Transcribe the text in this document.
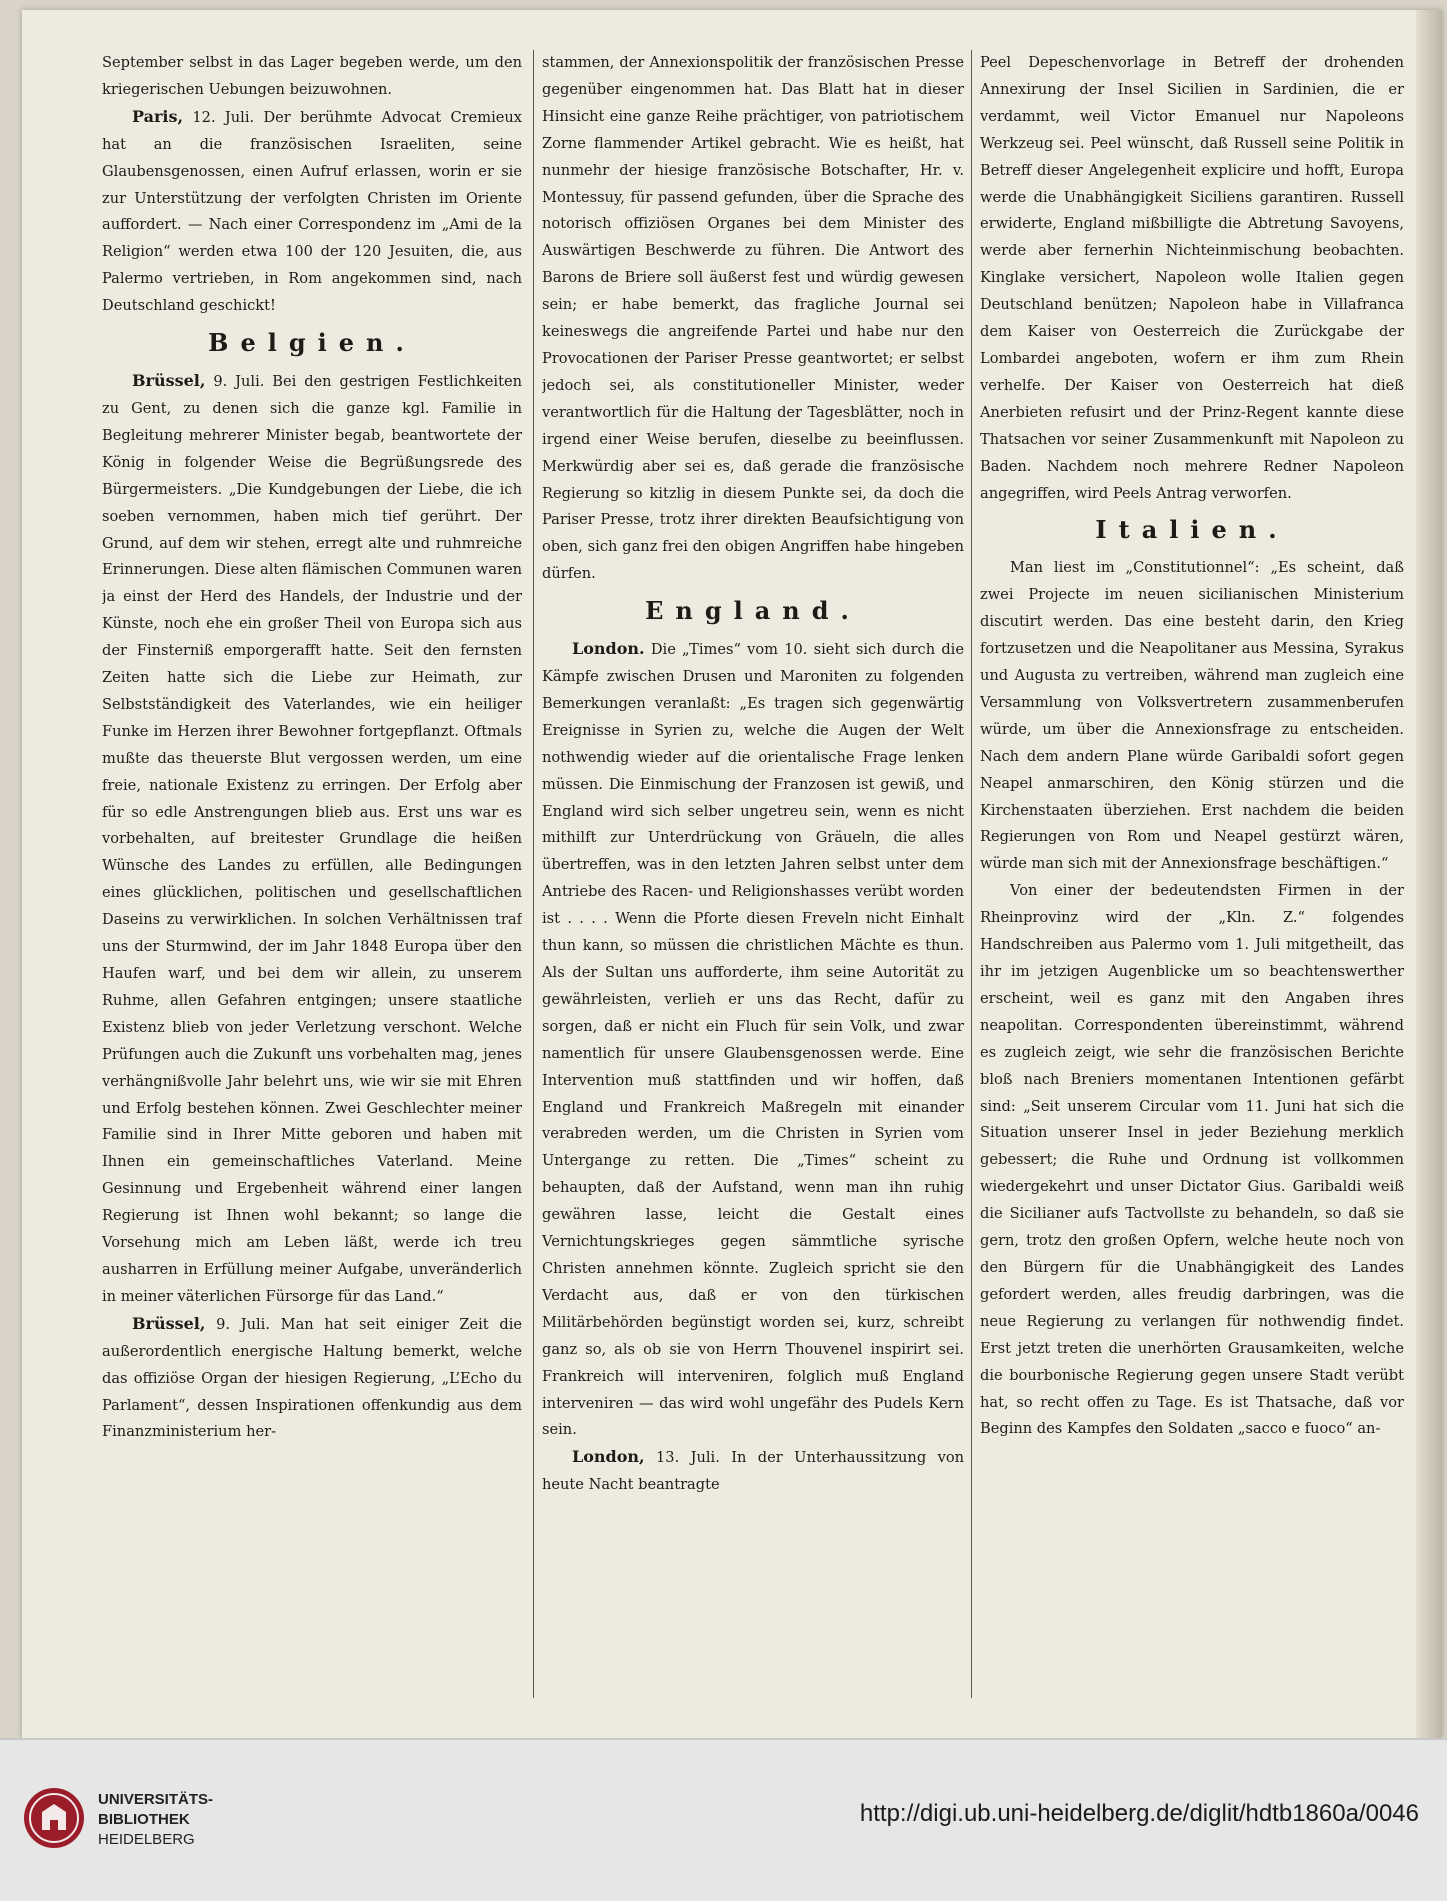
September selbst in das Lager begeben werde, um den kriegerischen Uebungen beizuwohnen.

Paris, 12. Juli. Der berühmte Advocat Cremieux hat an die französischen Israeliten, seine Glaubensgenossen, einen Aufruf erlassen, worin er sie zur Unterstützung der verfolgten Christen im Oriente auffordert. — Nach einer Correspondenz im „Ami de la Religion“ werden etwa 100 der 120 Jesuiten, die, aus Palermo vertrieben, in Rom angekommen sind, nach Deutschland geschickt!

Belgien.

Brüssel, 9. Juli. Bei den gestrigen Festlichkeiten zu Gent, zu denen sich die ganze kgl. Familie in Begleitung mehrerer Minister begab, beantwortete der König in folgender Weise die Begrüßungsrede des Bürgermeisters. „Die Kundgebungen der Liebe, die ich soeben vernommen, haben mich tief gerührt. Der Grund, auf dem wir stehen, erregt alte und ruhmreiche Erinnerungen. Diese alten flämischen Communen waren ja einst der Herd des Handels, der Industrie und der Künste, noch ehe ein großer Theil von Europa sich aus der Finsterniß emporgerafft hatte. Seit den fernsten Zeiten hatte sich die Liebe zur Heimath, zur Selbstständigkeit des Vaterlandes, wie ein heiliger Funke im Herzen ihrer Bewohner fortgepflanzt. Oftmals mußte das theuerste Blut vergossen werden, um eine freie, nationale Existenz zu erringen. Der Erfolg aber für so edle Anstrengungen blieb aus. Erst uns war es vorbehalten, auf breitester Grundlage die heißen Wünsche des Landes zu erfüllen, alle Bedingungen eines glücklichen, politischen und gesellschaftlichen Daseins zu verwirklichen. In solchen Verhältnissen traf uns der Sturmwind, der im Jahr 1848 Europa über den Haufen warf, und bei dem wir allein, zu unserem Ruhme, allen Gefahren entgingen; unsere staatliche Existenz blieb von jeder Verletzung verschont. Welche Prüfungen auch die Zukunft uns vorbehalten mag, jenes verhängnißvolle Jahr belehrt uns, wie wir sie mit Ehren und Erfolg bestehen können. Zwei Geschlechter meiner Familie sind in Ihrer Mitte geboren und haben mit Ihnen ein gemeinschaftliches Vaterland. Meine Gesinnung und Ergebenheit während einer langen Regierung ist Ihnen wohl bekannt; so lange die Vorsehung mich am Leben läßt, werde ich treu ausharren in Erfüllung meiner Aufgabe, unveränderlich in meiner väterlichen Fürsorge für das Land.“

Brüssel, 9. Juli. Man hat seit einiger Zeit die außerordentlich energische Haltung bemerkt, welche das offiziöse Organ der hiesigen Regierung, „L’Echo du Parlament“, dessen Inspirationen offenkundig aus dem Finanzministerium her-

stammen, der Annexionspolitik der französischen Presse gegenüber eingenommen hat. Das Blatt hat in dieser Hinsicht eine ganze Reihe prächtiger, von patriotischem Zorne flammender Artikel gebracht. Wie es heißt, hat nunmehr der hiesige französische Botschafter, Hr. v. Montessuy, für passend gefunden, über die Sprache des notorisch offiziösen Organes bei dem Minister des Auswärtigen Beschwerde zu führen. Die Antwort des Barons de Briere soll äußerst fest und würdig gewesen sein; er habe bemerkt, das fragliche Journal sei keineswegs die angreifende Partei und habe nur den Provocationen der Pariser Presse geantwortet; er selbst jedoch sei, als constitutioneller Minister, weder verantwortlich für die Haltung der Tagesblätter, noch in irgend einer Weise berufen, dieselbe zu beeinflussen. Merkwürdig aber sei es, daß gerade die französische Regierung so kitzlig in diesem Punkte sei, da doch die Pariser Presse, trotz ihrer direkten Beaufsichtigung von oben, sich ganz frei den obigen Angriffen habe hingeben dürfen.

England.

London. Die „Times“ vom 10. sieht sich durch die Kämpfe zwischen Drusen und Maroniten zu folgenden Bemerkungen veranlaßt: „Es tragen sich gegenwärtig Ereignisse in Syrien zu, welche die Augen der Welt nothwendig wieder auf die orientalische Frage lenken müssen. Die Einmischung der Franzosen ist gewiß, und England wird sich selber ungetreu sein, wenn es nicht mithilft zur Unterdrückung von Gräueln, die alles übertreffen, was in den letzten Jahren selbst unter dem Antriebe des Racen- und Religionshasses verübt worden ist . . . . Wenn die Pforte diesen Freveln nicht Einhalt thun kann, so müssen die christlichen Mächte es thun. Als der Sultan uns aufforderte, ihm seine Autorität zu gewährleisten, verlieh er uns das Recht, dafür zu sorgen, daß er nicht ein Fluch für sein Volk, und zwar namentlich für unsere Glaubensgenossen werde. Eine Intervention muß stattfinden und wir hoffen, daß England und Frankreich Maßregeln mit einander verabreden werden, um die Christen in Syrien vom Untergange zu retten. Die „Times“ scheint zu behaupten, daß der Aufstand, wenn man ihn ruhig gewähren lasse, leicht die Gestalt eines Vernichtungskrieges gegen sämmtliche syrische Christen annehmen könnte. Zugleich spricht sie den Verdacht aus, daß er von den türkischen Militärbehörden begünstigt worden sei, kurz, schreibt ganz so, als ob sie von Herrn Thouvenel inspirirt sei. Frankreich will interveniren, folglich muß England interveniren — das wird wohl ungefähr des Pudels Kern sein.

London, 13. Juli. In der Unterhaussitzung von heute Nacht beantragte

Peel Depeschenvorlage in Betreff der drohenden Annexirung der Insel Sicilien in Sardinien, die er verdammt, weil Victor Emanuel nur Napoleons Werkzeug sei. Peel wünscht, daß Russell seine Politik in Betreff dieser Angelegenheit explicire und hofft, Europa werde die Unabhängigkeit Siciliens garantiren. Russell erwiderte, England mißbilligte die Abtretung Savoyens, werde aber fernerhin Nichteinmischung beobachten. Kinglake versichert, Napoleon wolle Italien gegen Deutschland benützen; Napoleon habe in Villafranca dem Kaiser von Oesterreich die Zurückgabe der Lombardei angeboten, wofern er ihm zum Rhein verhelfe. Der Kaiser von Oesterreich hat dieß Anerbieten refusirt und der Prinz-Regent kannte diese Thatsachen vor seiner Zusammenkunft mit Napoleon zu Baden. Nachdem noch mehrere Redner Napoleon angegriffen, wird Peels Antrag verworfen.

Italien.

Man liest im „Constitutionnel“: „Es scheint, daß zwei Projecte im neuen sicilianischen Ministerium discutirt werden. Das eine besteht darin, den Krieg fortzusetzen und die Neapolitaner aus Messina, Syrakus und Augusta zu vertreiben, während man zugleich eine Versammlung von Volksvertretern zusammenberufen würde, um über die Annexionsfrage zu entscheiden. Nach dem andern Plane würde Garibaldi sofort gegen Neapel anmarschiren, den König stürzen und die Kirchenstaaten überziehen. Erst nachdem die beiden Regierungen von Rom und Neapel gestürzt wären, würde man sich mit der Annexionsfrage beschäftigen.“

Von einer der bedeutendsten Firmen in der Rheinprovinz wird der „Kln. Z.“ folgendes Handschreiben aus Palermo vom 1. Juli mitgetheilt, das ihr im jetzigen Augenblicke um so beachtenswerther erscheint, weil es ganz mit den Angaben ihres neapolitan. Correspondenten übereinstimmt, während es zugleich zeigt, wie sehr die französischen Berichte bloß nach Breniers momentanen Intentionen gefärbt sind: „Seit unserem Circular vom 11. Juni hat sich die Situation unserer Insel in jeder Beziehung merklich gebessert; die Ruhe und Ordnung ist vollkommen wiedergekehrt und unser Dictator Gius. Garibaldi weiß die Sicilianer aufs Tactvollste zu behandeln, so daß sie gern, trotz den großen Opfern, welche heute noch von den Bürgern für die Unabhängigkeit des Landes gefordert werden, alles freudig darbringen, was die neue Regierung zu verlangen für nothwendig findet. Erst jetzt treten die unerhörten Grausamkeiten, welche die bourbonische Regierung gegen unsere Stadt verübt hat, so recht offen zu Tage. Es ist Thatsache, daß vor Beginn des Kampfes den Soldaten „sacco e fuoco“ an-

UNIVERSITÄTS-
BIBLIOTHEK
HEIDELBERG
http://digi.ub.uni-heidelberg.de/diglit/hdtb1860a/0046
